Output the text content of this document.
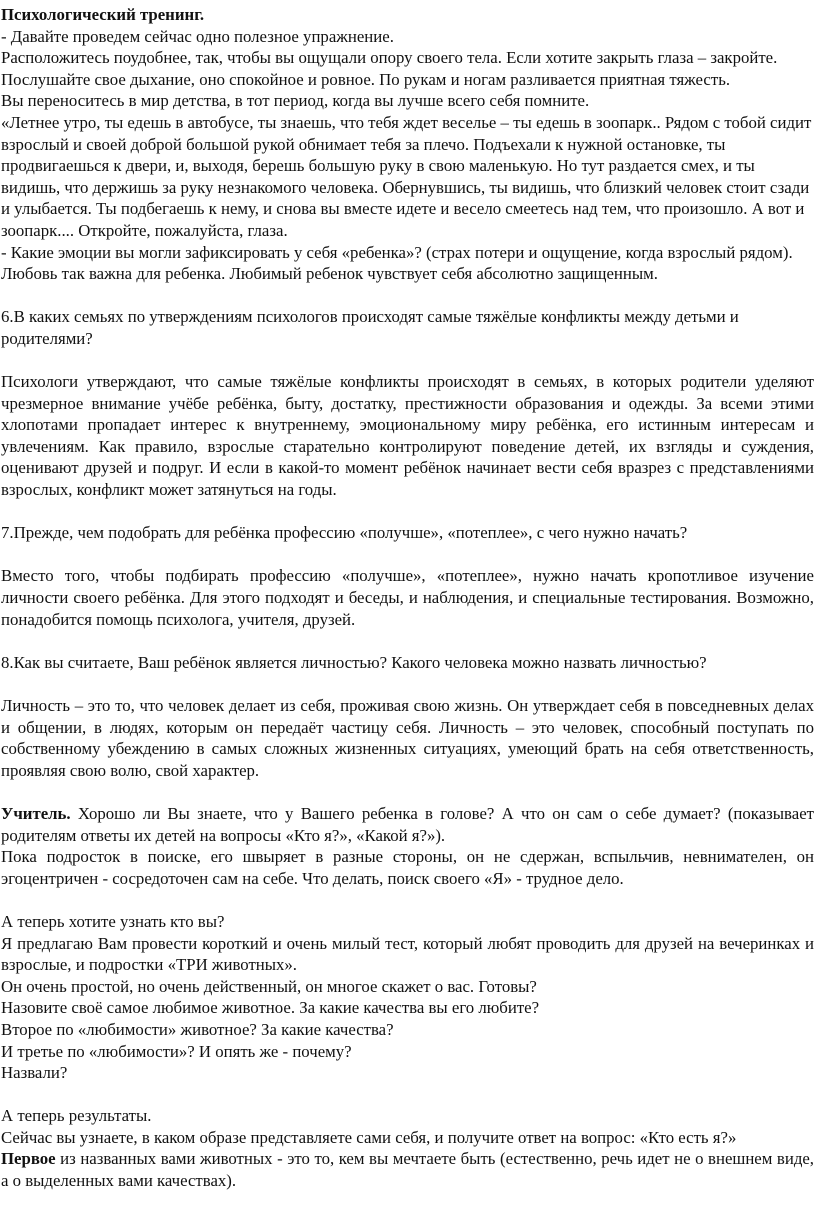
Психологический тренинг.

- Давайте проведем сейчас одно полезное упражнение.

Расположитесь поудобнее, так, чтобы вы ощущали опору своего тела. Если хотите закрыть глаза – закройте. Послушайте свое дыхание, оно спокойное и ровное. По рукам и ногам разливается приятная тяжесть.

Вы переноситесь в мир детства, в тот период, когда вы лучше всего себя помните.

«Летнее утро, ты едешь в автобусе, ты знаешь, что тебя ждет веселье – ты едешь в зоопарк.. Рядом с тобой сидит взрослый и своей доброй большой рукой обнимает тебя за плечо. Подъехали к нужной остановке, ты продвигаешься к двери, и, выходя, берешь большую руку в свою маленькую. Но тут раздается смех, и ты видишь, что держишь за руку незнакомого человека. Обернувшись, ты видишь, что близкий человек стоит сзади и улыбается. Ты подбегаешь к нему, и снова вы вместе идете и весело смеетесь над тем, что произошло. А вот и зоопарк.... Откройте, пожалуйста, глаза.

- Какие эмоции вы могли зафиксировать у себя «ребенка»? (страх потери и ощущение, когда взрослый рядом).

Любовь так важна для ребенка. Любимый ребенок чувствует себя абсолютно защищенным.

6.В каких семьях по утверждениям психологов происходят самые тяжёлые конфликты между детьми и родителями?

Психологи утверждают, что самые тяжёлые конфликты происходят в семьях, в которых родители уделяют чрезмерное внимание учёбе ребёнка, быту, достатку, престижности образования и одежды. За всеми этими хлопотами пропадает интерес к внутреннему, эмоциональному миру ребёнка, его истинным интересам и увлечениям. Как правило, взрослые старательно контролируют поведение детей, их взгляды и суждения, оценивают друзей и подруг. И если в какой-то момент ребёнок начинает вести себя вразрез с представлениями взрослых, конфликт может затянуться на годы.

7.Прежде, чем подобрать для ребёнка профессию «получше», «потеплее», с чего нужно начать?

Вместо того, чтобы подбирать профессию «получше», «потеплее», нужно начать кропотливое изучение личности своего ребёнка. Для этого подходят и беседы, и наблюдения, и специальные тестирования. Возможно, понадобится помощь психолога, учителя, друзей.

8.Как вы считаете, Ваш ребёнок является личностью? Какого человека можно назвать личностью?

Личность – это то, что человек делает из себя, проживая свою жизнь. Он утверждает себя в повседневных делах и общении, в людях, которым он передаёт частицу себя. Личность – это человек, способный поступать по собственному убеждению в самых сложных жизненных ситуациях, умеющий брать на себя ответственность, проявляя свою волю, свой характер.

Учитель. Хорошо ли Вы знаете, что у Вашего ребенка в голове? А что он сам о себе думает? (показывает родителям ответы их детей на вопросы «Кто я?», «Какой я?»).

Пока подросток в поиске, его швыряет в разные стороны, он не сдержан, вспыльчив, невнимателен, он эгоцентричен - сосредоточен сам на себе. Что делать, поиск своего «Я» - трудное дело.

А теперь хотите узнать кто вы?

Я предлагаю Вам провести короткий и очень милый тест, который любят проводить для друзей на вечеринках и взрослые, и подростки «ТРИ животных».

Он очень простой, но очень действенный, он многое скажет о вас. Готовы?

Назовите своё самое любимое животное. За какие качества вы его любите?

Второе по «любимости» животное? За какие качества?

И третье по «любимости»? И опять же - почему?

Назвали?

А теперь результаты.

Сейчас вы узнаете, в каком образе представляете сами себя, и получите ответ на вопрос: «Кто есть я?»

Первое из названных вами животных - это то, кем вы мечтаете быть (естественно, речь идет не о внешнем виде, а о выделенных вами качествах).
